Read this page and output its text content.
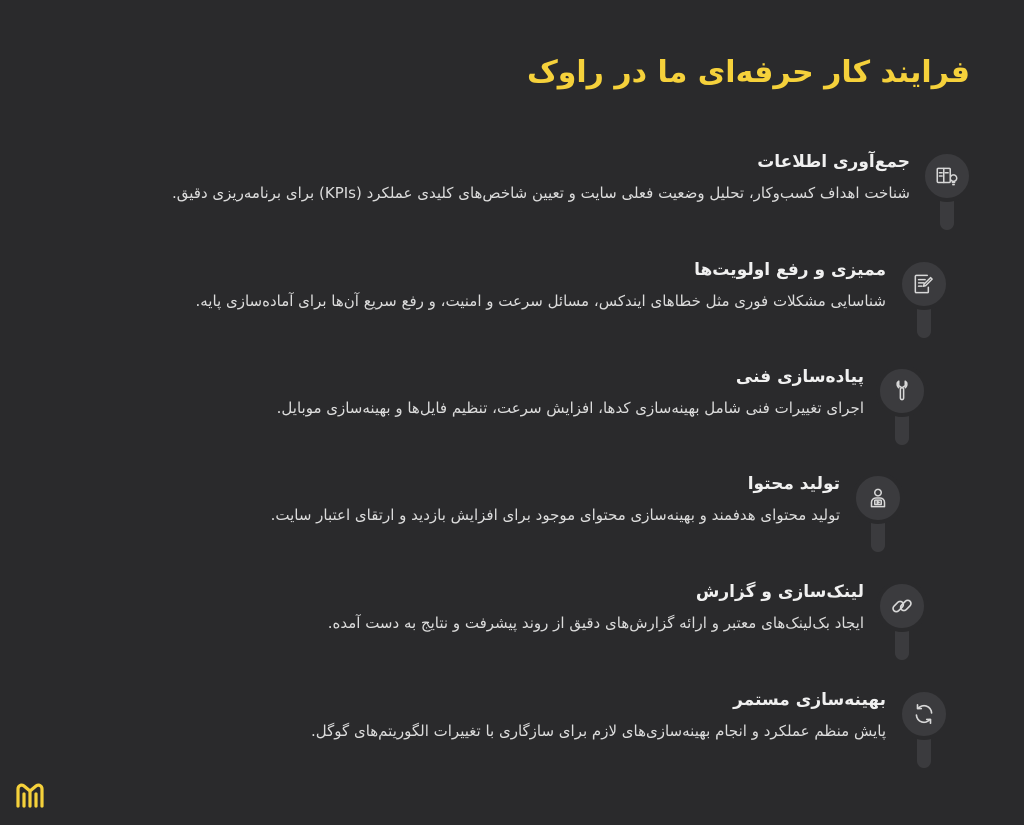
فرایند کار حرفه‌ای ما در راوک

جمع‌آوری اطلاعات

شناخت اهداف کسب‌وکار، تحلیل وضعیت فعلی سایت و تعیین شاخص‌های کلیدی عملکرد (KPIs) برای برنامه‌ریزی دقیق.

ممیزی و رفع اولویت‌ها

شناسایی مشکلات فوری مثل خطاهای ایندکس، مسائل سرعت و امنیت، و رفع سریع آن‌ها برای آماده‌سازی پایه.

پیاده‌سازی فنی

اجرای تغییرات فنی شامل بهینه‌سازی کدها، افزایش سرعت، تنظیم فایل‌ها و بهینه‌سازی موبایل.

تولید محتوا

تولید محتوای هدفمند و بهینه‌سازی محتوای موجود برای افزایش بازدید و ارتقای اعتبار سایت.

لینک‌سازی و گزارش

ایجاد بک‌لینک‌های معتبر و ارائه گزارش‌های دقیق از روند پیشرفت و نتایج به دست آمده.

بهینه‌سازی مستمر

پایش منظم عملکرد و انجام بهینه‌سازی‌های لازم برای سازگاری با تغییرات الگوریتم‌های گوگل.
